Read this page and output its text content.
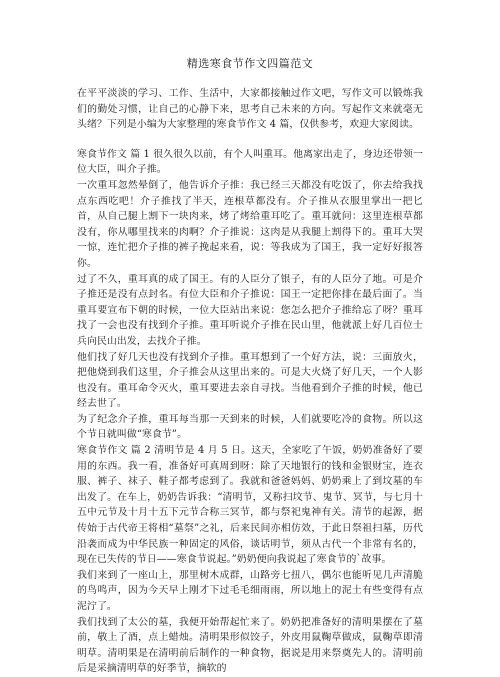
精选寒食节作文四篇范文

在平平淡淡的学习、工作、生活中，大家都接触过作文吧，写作文可以锻炼我们的勤处习惯，让自己的心静下来，思考自己未来的方向。写起作文来就毫无头绪？下列是小编为大家整理的寒食节作文 4 篇，仅供参考，欢迎大家阅读。

寒食节作文 篇 1 很久很久以前，有个人叫重耳。他离家出走了，身边还带领一位大臣，叫介子推。

一次重耳忽然晕倒了，他告诉介子推：我已经三天都没有吃饭了，你去给我找点东西吃吧！介子推找了半天，连根草都没有。介子推从衣服里掌出一把匕首，从自己腿上割下一块肉来，烤了烤给重耳吃了。重耳就问：这里连根草都没有，你从哪里找来的肉啊？介子推说：这肉是从我腿上割得下的。重耳大哭一惊，连忙把介子推的裤子挽起来看，说：等我成为了国王，我一定好好报答你。

过了不久，重耳真的成了国王。有的人臣分了银子，有的人臣分了地。可是介子推还是没有点封名。有位大臣和介子推说：国王一定把你排在最后面了。当重耳要宣布下朝的时候，一位大臣站出来说：您怎么把介子推给忘了呀？重耳找了一会也没有找到介子推。重耳听说介子推在民山里，他就派上好几百位士兵向民山出发，去找介子推。

他们找了好几天也没有找到介子推。重耳想到了一个好方法，说：三面放火，把他烧到我们这里，介子推会从这里出来的。可是大火烧了好几天，一个人影也没有。重耳命令灭火，重耳要进去亲自寻找。当他看到介子推的时候，他已经去世了。

为了纪念介子推，重耳每当那一天到来的时候，人们就要吃冷的食物。所以这个节日就叫做“寒食节”。

寒食节作文 篇 2 清明节是 4 月 5 日。这天，全家吃了午饭，奶奶准备好了要用的东西。我一看，准备好可真周到呀：除了天地银行的钱和金银财宝，连衣服、裤子、袜子、鞋子都考虑到了。我就和爸爸妈妈、奶奶乘上了到坟墓的车出发了。在车上，奶奶告诉我：“清明节，又称扫坟节、鬼节、冥节，与七月十五中元节及十月十五下元节合称三冥节，都与祭祀鬼神有关。清节的起源，据传始于古代帝王将相“墓祭”之礼，后来民间亦相仿效，于此日祭祖扫墓，历代沿袭而成为中华民族一种固定的风俗，谈话明节，须从古代一个非常有名的，现在已失传的节日——寒食节说起。”奶奶便向我说起了寒食节的`故事。

我们来到了一座山上，那里树木成群，山路旁七扭八，偶尔也能听见几声清脆的鸟鸣声，因为今天早上刚才下过毛毛细雨雨，所以地上的泥土有些变得有点泥泞了。

我们找到了太公的墓，我便开始帮起忙来了。奶奶把准备好的清明果摆在了墓前，敬上了酒，点上蜡烛。清明果形似饺子，外皮用鼠鞠草做成，鼠鞠草即清明草。清明果是在清明前后制作的一种食物，据说是用来祭奠先人的。清明前后是采摘清明草的好季节，摘软的
